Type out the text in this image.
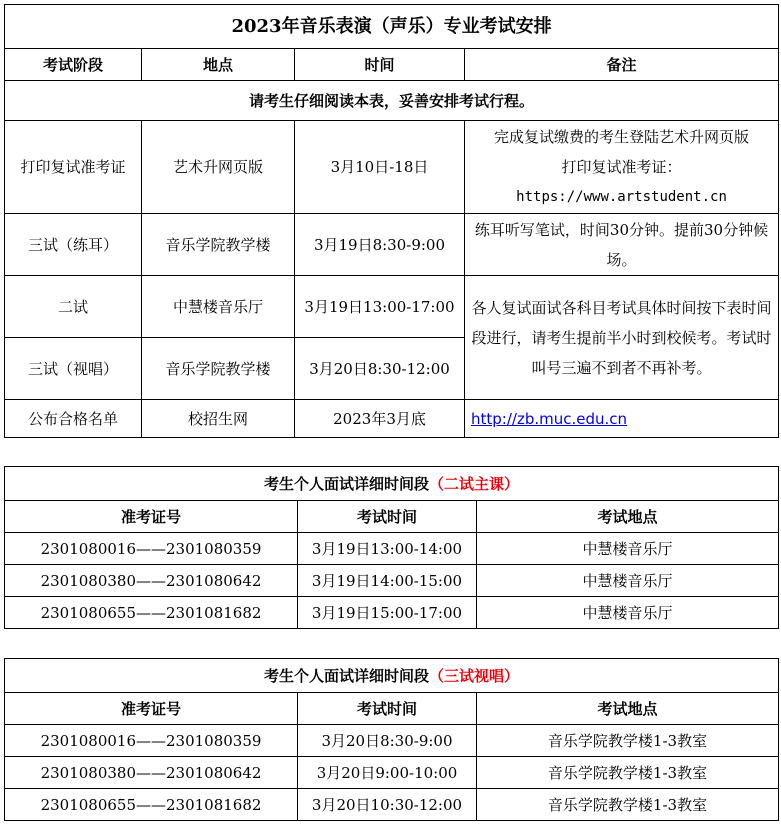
2023年音乐表演（声乐）专业考试安排			
考试阶段	地点	时间	备注
请考生仔细阅读本表，妥善安排考试行程。			
打印复试准考证	艺术升网页版	3月10日-18日	完成复试缴费的考生登陆艺术升网页版
打印复试准考证：
https://www.artstudent.cn

三试（练耳）	音乐学院教学楼	3月19日8:30-9:00	练耳听写笔试，时间30分钟。提前30分钟候场。
二试	中慧楼音乐厅	3月19日13:00-17:00	各人复试面试各科目考试具体时间按下表时间段进行，请考生提前半小时到校候考。考试时叫号三遍不到者不再补考。
三试（视唱）	音乐学院教学楼	3月20日8:30-12:00	
公布合格名单	校招生网	2023年3月底	http://zb.muc.edu.cn
考生个人面试详细时间段（二试主课）		
准考证号	考试时间	考试地点
2301080016——2301080359	3月19日13:00-14:00	中慧楼音乐厅
2301080380——2301080642	3月19日14:00-15:00	中慧楼音乐厅
2301080655——2301081682	3月19日15:00-17:00	中慧楼音乐厅
考生个人面试详细时间段（三试视唱）		
准考证号	考试时间	考试地点
2301080016——2301080359	3月20日8:30-9:00	音乐学院教学楼1-3教室
2301080380——2301080642	3月20日9:00-10:00	音乐学院教学楼1-3教室
2301080655——2301081682	3月20日10:30-12:00	音乐学院教学楼1-3教室
